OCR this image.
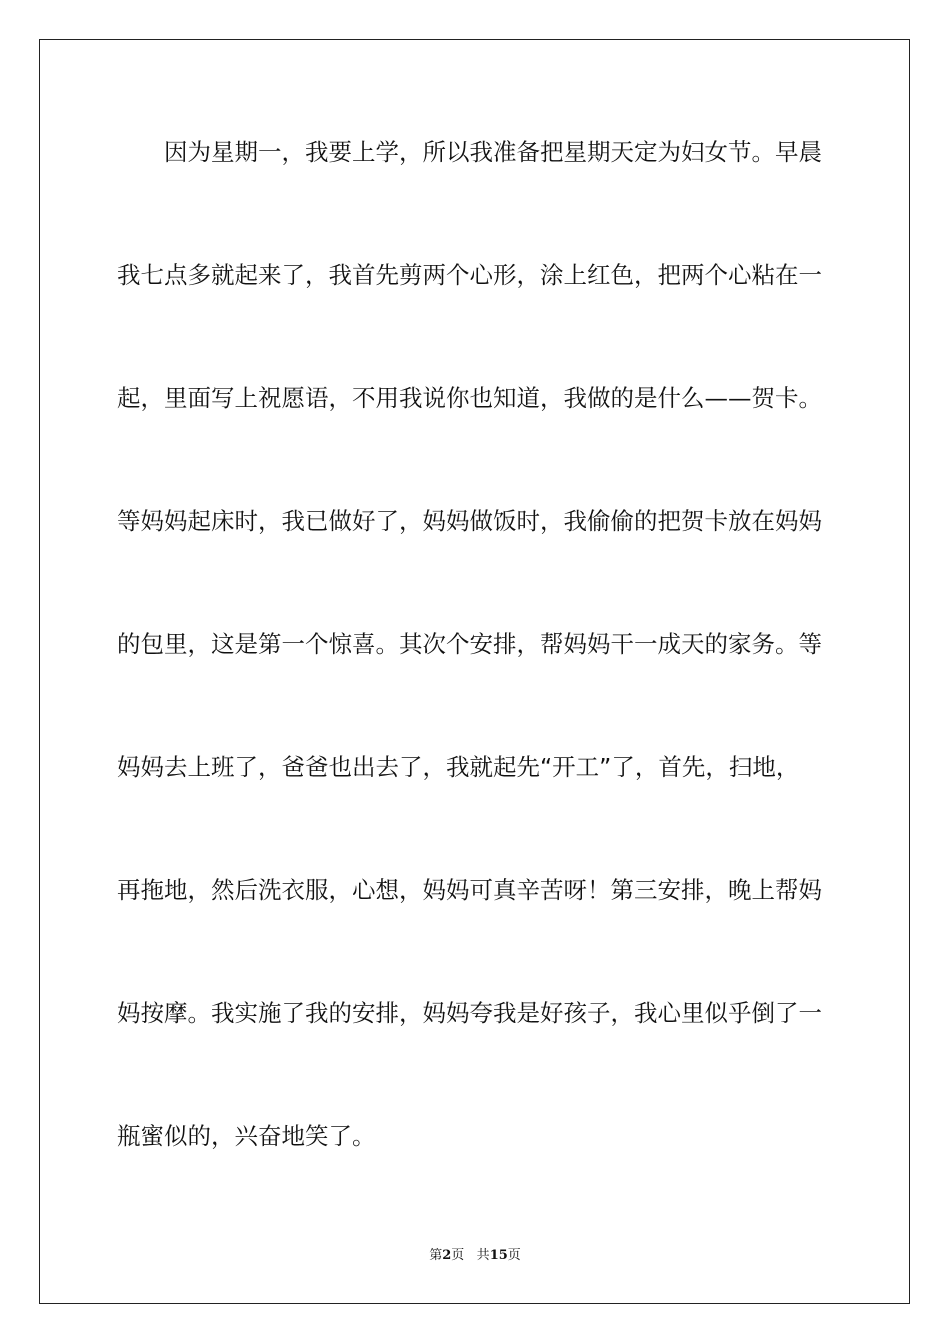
　　因为星期一，我要上学，所以我准备把星期天定为妇女节。早晨
我七点多就起来了，我首先剪两个心形，涂上红色，把两个心粘在一
起，里面写上祝愿语，不用我说你也知道，我做的是什么——贺卡。
等妈妈起床时，我已做好了，妈妈做饭时，我偷偷的把贺卡放在妈妈
的包里，这是第一个惊喜。其次个安排，帮妈妈干一成天的家务。等
妈妈去上班了，爸爸也出去了，我就起先“开工”了，首先，扫地，
再拖地，然后洗衣服，心想，妈妈可真辛苦呀！第三安排，晚上帮妈
妈按摩。我实施了我的安排，妈妈夸我是好孩子，我心里似乎倒了一
瓶蜜似的，兴奋地笑了。
第2页 共15页
